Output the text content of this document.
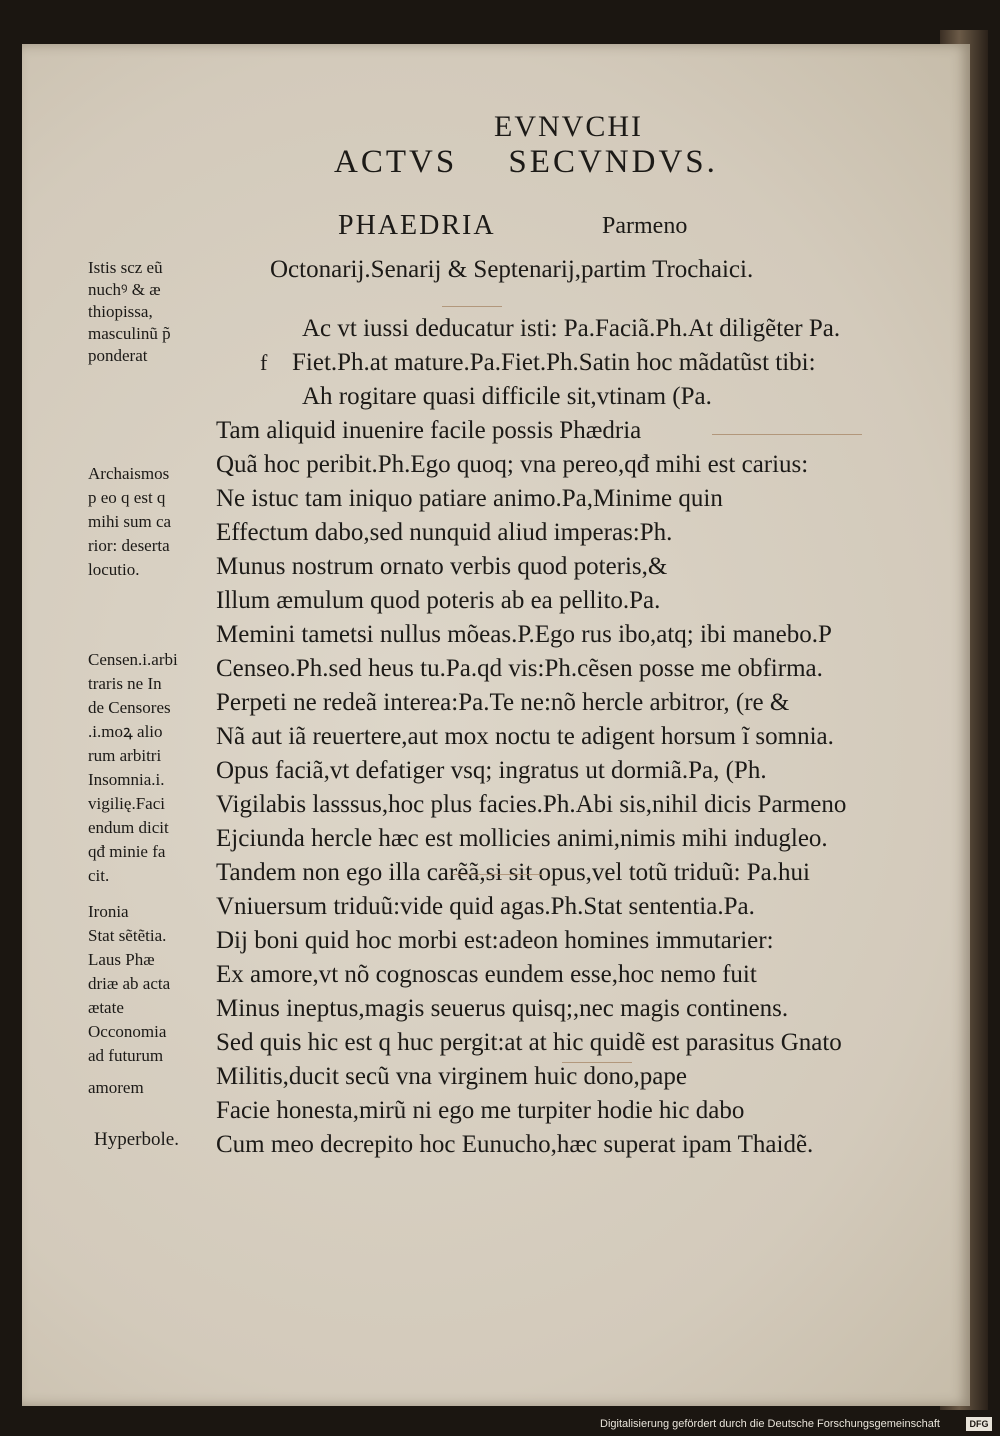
EVNVCHI
ACTVS SECVNDVS.
PHAEDRIA	Parmeno
Octonarij.Senarij & Septenarij,partim Trochaici.
f
Ac vt iussi deducatur isti: Pa.Faciã.Ph.At diligẽter Pa.
Fiet.Ph.at mature.Pa.Fiet.Ph.Satin hoc mãdatũst tibi:
Ah rogitare quasi difficile sit,vtinam (Pa.
Tam aliquid inuenire facile possis Phædria
Quã hoc peribit.Ph.Ego quoq; vna pereo,qđ mihi est carius:
Ne istuc tam iniquo patiare animo.Pa,Minime quin
Effectum dabo,sed nunquid aliud imperas:Ph.
Munus nostrum ornato verbis quod poteris,&
Illum æmulum quod poteris ab ea pellito.Pa.
Memini tametsi nullus mõeas.P.Ego rus ibo,atq; ibi manebo.P
Censeo.Ph.sed heus tu.Pa.qd vis:Ph.cẽsen posse me obfirma.
Perpeti ne redeã interea:Pa.Te ne:nõ hercle arbitror, (re &
Nã aut iã reuertere,aut mox noctu te adigent horsum ĩ somnia.
Opus faciã,vt defatiger vsq; ingratus ut dormiã.Pa, (Ph.
Vigilabis lasssus,hoc plus facies.Ph.Abi sis,nihil dicis Parmeno
Ejciunda hercle hæc est mollicies animi,nimis mihi indugleo.
Tandem non ego illa carẽã,si sit opus,vel totũ triduũ: Pa.hui
Vniuersum triduũ:vide quid agas.Ph.Stat sententia.Pa.
Dij boni quid hoc morbi est:adeon homines immutarier:
Ex amore,vt nõ cognoscas eundem esse,hoc nemo fuit
Minus ineptus,magis seuerus quisq;,nec magis continens.
Sed quis hic est q huc pergit:at at hic quidẽ est parasitus Gnato
Militis,ducit secũ vna virginem huic dono,pape
Facie honesta,mirũ ni ego me turpiter hodie hic dabo
Cum meo decrepito hoc Eunucho,hæc superat ipam Thaidẽ.
Istis scz eũ
nuchꝰ & æ
thiopissa,
masculinũ p̃
ponderat
Archaismos
p eo q est q
mihi sum ca
rior: deserta
locutio.
Censen.i.arbi
traris ne In
de Censores
.i.moꝝ alio
rum arbitri
Insomnia.i.
vigilię.Faci
endum dicit
qđ minie fa
cit.
Ironia
Stat sẽtẽtia.
Laus Phæ
driæ ab acta
ætate
Occonomia
ad futurum
amorem
Hyperbole.
Digitalisierung gefördert durch die Deutsche Forschungsgemeinschaft	DFG
